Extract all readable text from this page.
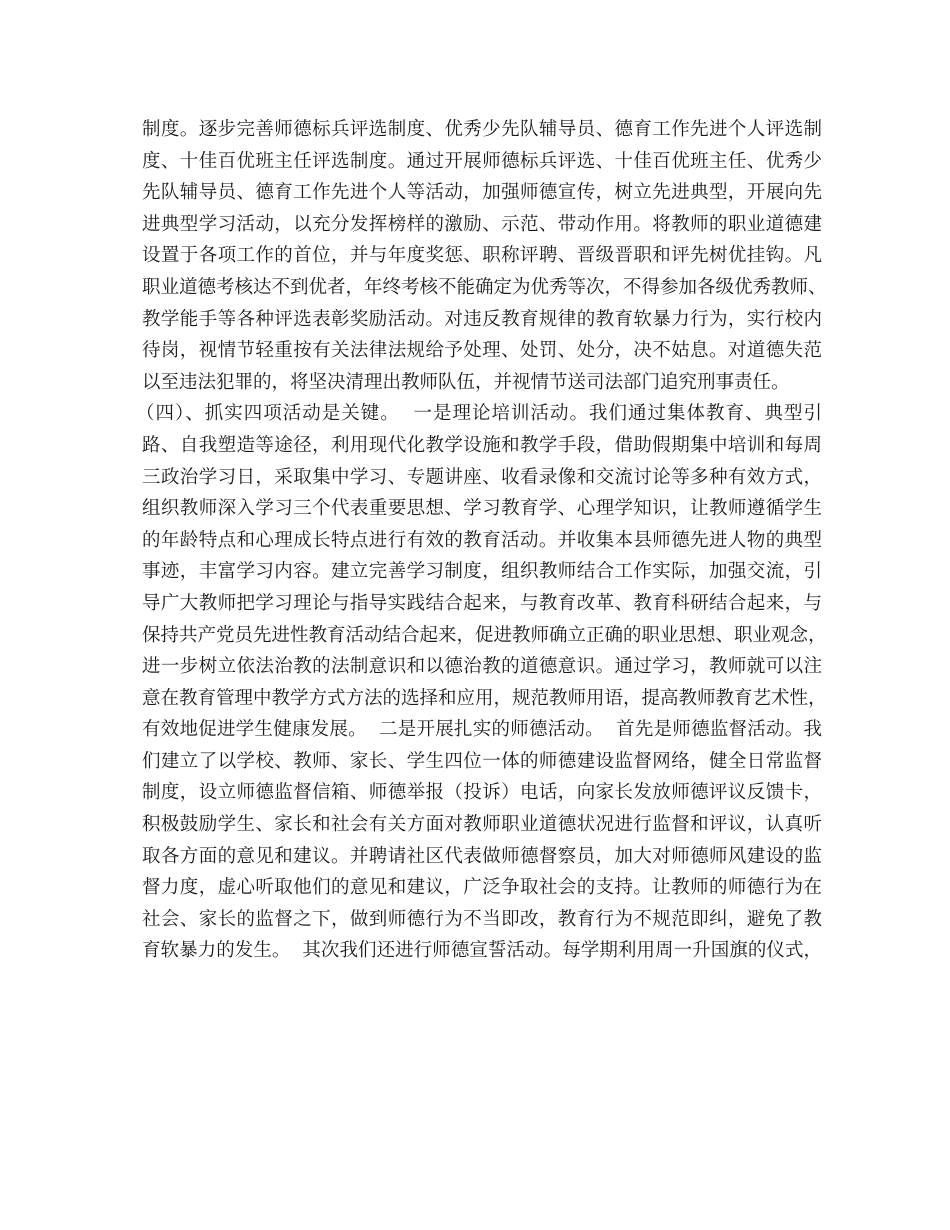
制度。逐步完善师德标兵评选制度、优秀少先队辅导员、德育工作先进个人评选制
度、十佳百优班主任评选制度。通过开展师德标兵评选、十佳百优班主任、优秀少
先队辅导员、德育工作先进个人等活动，加强师德宣传，树立先进典型，开展向先
进典型学习活动，以充分发挥榜样的激励、示范、带动作用。将教师的职业道德建
设置于各项工作的首位，并与年度奖惩、职称评聘、晋级晋职和评先树优挂钩。凡
职业道德考核达不到优者，年终考核不能确定为优秀等次，不得参加各级优秀教师、
教学能手等各种评选表彰奖励活动。对违反教育规律的教育软暴力行为，实行校内
待岗，视情节轻重按有关法律法规给予处理、处罚、处分，决不姑息。对道德失范
以至违法犯罪的，将坚决清理出教师队伍，并视情节送司法部门追究刑事责任。
（四）、抓实四项活动是关键。  一是理论培训活动。我们通过集体教育、典型引
路、自我塑造等途径，利用现代化教学设施和教学手段，借助假期集中培训和每周
三政治学习日，采取集中学习、专题讲座、收看录像和交流讨论等多种有效方式，
组织教师深入学习三个代表重要思想、学习教育学、心理学知识，让教师遵循学生
的年龄特点和心理成长特点进行有效的教育活动。并收集本县师德先进人物的典型
事迹，丰富学习内容。建立完善学习制度，组织教师结合工作实际，加强交流，引
导广大教师把学习理论与指导实践结合起来，与教育改革、教育科研结合起来，与
保持共产党员先进性教育活动结合起来，促进教师确立正确的职业思想、职业观念，
进一步树立依法治教的法制意识和以德治教的道德意识。通过学习，教师就可以注
意在教育管理中教学方式方法的选择和应用，规范教师用语，提高教师教育艺术性，
有效地促进学生健康发展。  二是开展扎实的师德活动。  首先是师德监督活动。我
们建立了以学校、教师、家长、学生四位一体的师德建设监督网络，健全日常监督
制度，设立师德监督信箱、师德举报（投诉）电话，向家长发放师德评议反馈卡，
积极鼓励学生、家长和社会有关方面对教师职业道德状况进行监督和评议，认真听
取各方面的意见和建议。并聘请社区代表做师德督察员，加大对师德师风建设的监
督力度，虚心听取他们的意见和建议，广泛争取社会的支持。让教师的师德行为在
社会、家长的监督之下，做到师德行为不当即改，教育行为不规范即纠，避免了教
育软暴力的发生。  其次我们还进行师德宣誓活动。每学期利用周一升国旗的仪式，
